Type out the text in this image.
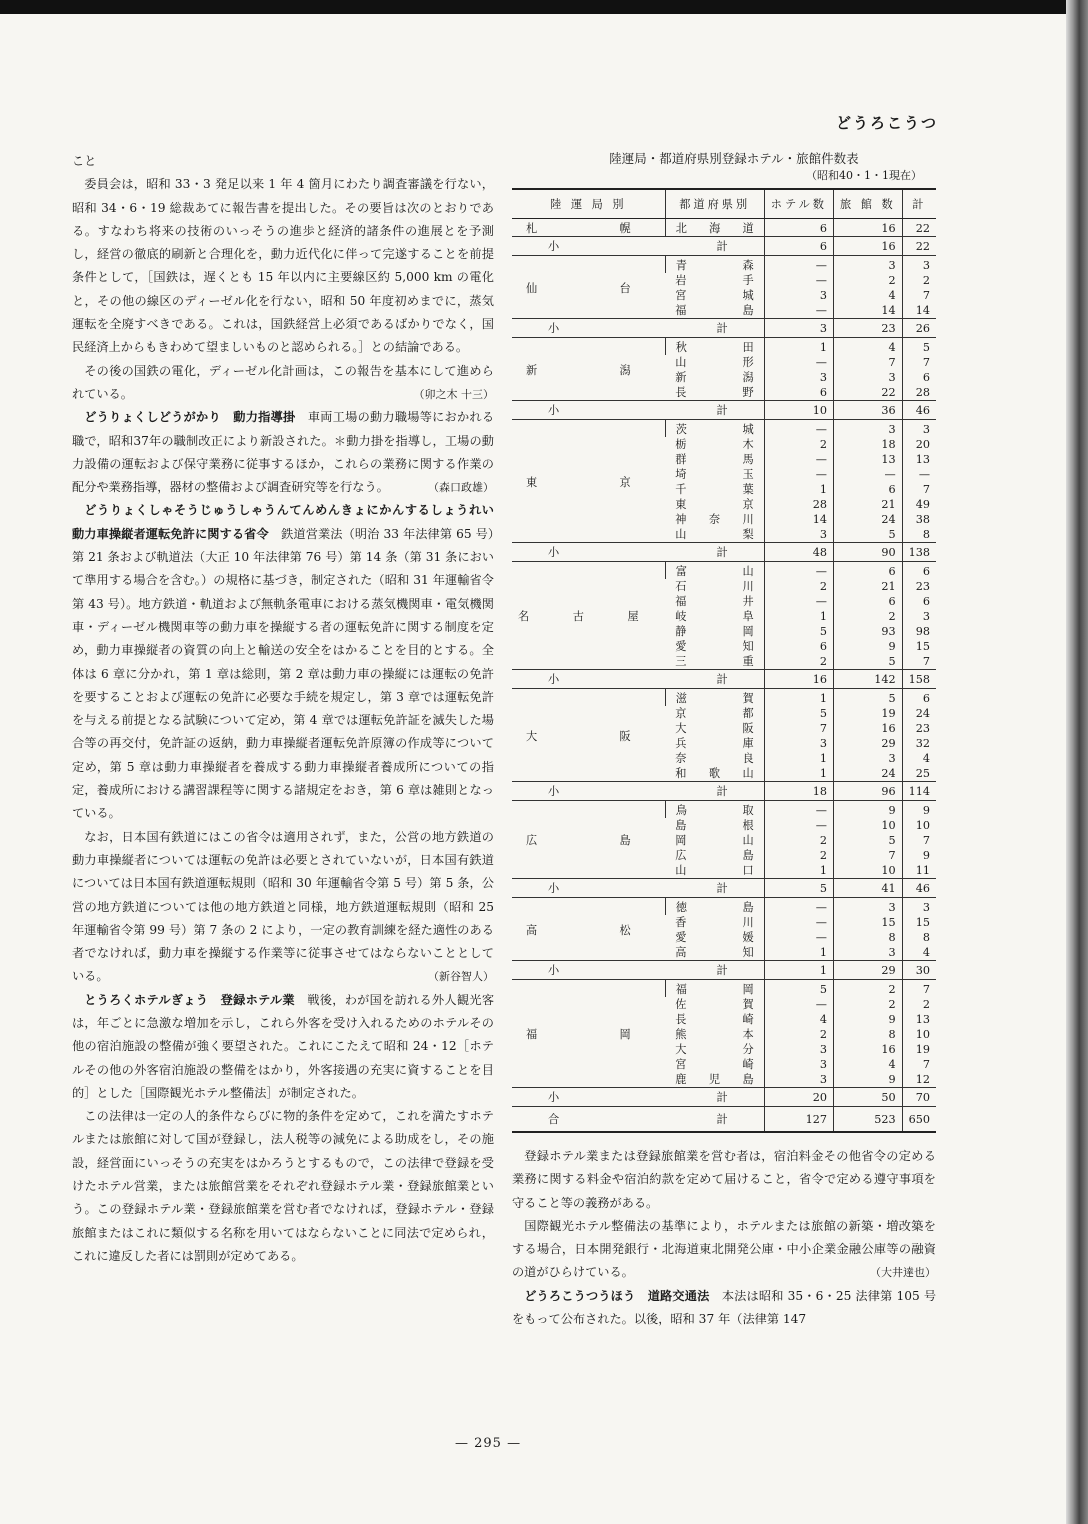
どうろこうつ

こと

委員会は，昭和 33・3 発足以来 1 年 4 箇月にわたり調査審議を行ない，昭和 34・6・19 総裁あてに報告書を提出した。その要旨は次のとおりである。すなわち将来の技術のいっそうの進歩と経済的諸条件の進展とを予測し，経営の徹底的刷新と合理化を，動力近代化に伴って完遂することを前提条件として，［国鉄は，遅くとも 15 年以内に主要線区約 5,000 km の電化と，その他の線区のディーゼル化を行ない，昭和 50 年度初めまでに，蒸気運転を全廃すべきである。これは，国鉄経営上必須であるばかりでなく，国民経済上からもきわめて望ましいものと認められる。］との結論である。

その後の国鉄の電化，ディーゼル化計画は，この報告を基本にして進められている。	（卯之木 十三）

どうりょくしどうがかり　動力指導掛　 車両工場の動力職場等におかれる職で，昭和37年の職制改正により新設された。＊動力掛を指導し，工場の動力設備の運転および保守業務に従事するほか，これらの業務に関する作業の配分や業務指導，器材の整備および調査研究等を行なう。	（森口政雄）

どうりょくしゃそうじゅうしゃうんてんめんきょにかんするしょうれい　動力車操縦者運転免許に関する省令　 鉄道営業法（明治 33 年法律第 65 号）第 21 条および軌道法（大正 10 年法律第 76 号）第 14 条（第 31 条において準用する場合を含む。）の規格に基づき，制定された（昭和 31 年運輸省令第 43 号）。地方鉄道・軌道および無軌条電車における蒸気機関車・電気機関車・ディーゼル機関車等の動力車を操縦する者の運転免許に関する制度を定め，動力車操縦者の資質の向上と輸送の安全をはかることを目的とする。全体は 6 章に分かれ，第 1 章は総則，第 2 章は動力車の操縦には運転の免許を要することおよび運転の免許に必要な手続を規定し，第 3 章では運転免許を与える前提となる試験について定め，第 4 章では運転免許証を滅失した場合等の再交付，免許証の返納，動力車操縦者運転免許原簿の作成等について定め，第 5 章は動力車操縦者を養成する動力車操縦者養成所についての指定，養成所における講習課程等に関する諸規定をおき，第 6 章は雑則となっている。

なお，日本国有鉄道にはこの省令は適用されず，また，公営の地方鉄道の動力車操縦者については運転の免許は必要とされていないが，日本国有鉄道については日本国有鉄道運転規則（昭和 30 年運輸省令第 5 号）第 5 条，公営の地方鉄道については他の地方鉄道と同様，地方鉄道運転規則（昭和 25 年運輸省令第 99 号）第 7 条の 2 により，一定の教育訓練を経た適性のある者でなければ，動力車を操縦する作業等に従事させてはならないこととしている。	（新谷智人）

とうろくホテルぎょう　登録ホテル業　 戦後，わが国を訪れる外人観光客は，年ごとに急激な増加を示し，これら外客を受け入れるためのホテルその他の宿泊施設の整備が強く要望された。これにこたえて昭和 24・12［ホテルその他の外客宿泊施設の整備をはかり，外客接遇の充実に資することを目的］とした［国際観光ホテル整備法］が制定された。

この法律は一定の人的条件ならびに物的条件を定めて，これを満たすホテルまたは旅館に対して国が登録し，法人税等の減免による助成をし，その施設，経営面にいっそうの充実をはかろうとするもので，この法律で登録を受けたホテル営業，または旅館営業をそれぞれ登録ホテル業・登録旅館業という。この登録ホテル業・登録旅館業を営む者でなければ，登録ホテル・登録旅館またはこれに類似する名称を用いてはならないことに同法で定められ，これに違反した者には罰則が定めてある。

陸運局・都道府県別登録ホテル・旅館件数表
（昭和40・1・1現在）
陸 運 局 別	都道府県別	ホテル数	旅 館 数	計
札　　幌	北　海　道	6	16	22

小 計		6	16	22
仙　　台	青　森	—	3	3
	岩　手	—	2	2
	宮　城	3	4	7
	福　島	—	14	14

小 計		3	23	26
新　　潟	秋　田	1	4	5
	山　形	—	7	7
	新　潟	3	3	6
	長　野	6	22	28

小 計		10	36	46
東　　京	茨　城	—	3	3
	栃　木	2	18	20
	群　馬	—	13	13
	埼　玉	—	—	—
	千　葉	1	6	7
	東　京	28	21	49
	神奈川	14	24	38
	山　梨	3	5	8

小 計		48	90	138
名 古 屋	富　山	—	6	6
	石　川	2	21	23
	福　井	—	6	6
	岐　阜	1	2	3
	静　岡	5	93	98
	愛　知	6	9	15
	三　重	2	5	7

小 計		16	142	158
大　　阪	滋　賀	1	5	6
	京　都	5	19	24
	大　阪	7	16	23
	兵　庫	3	29	32
	奈　良	1	3	4
	和歌山	1	24	25

小 計		18	96	114
広　　島	鳥　取	—	9	9
	島　根	—	10	10
	岡　山	2	5	7
	広　島	2	7	9
	山　口	1	10	11

小 計		5	41	46
高　　松	徳　島	—	3	3
	香　川	—	15	15
	愛　媛	—	8	8
	高　知	1	3	4

小 計		1	29	30
福　　岡	福　岡	5	2	7
	佐　賀	—	2	2
	長　崎	4	9	13
	熊　本	2	8	10
	大　分	3	16	19
	宮　崎	3	4	7
	鹿児島	3	9	12

小 計		20	50	70

合 計		127	523	650

登録ホテル業または登録旅館業を営む者は，宿泊料金その他省令の定める業務に関する料金や宿泊約款を定めて届けること，省令で定める遵守事項を守ること等の義務がある。

国際観光ホテル整備法の基準により，ホテルまたは旅館の新築・増改築をする場合，日本開発銀行・北海道東北開発公庫・中小企業金融公庫等の融資の道がひらけている。	（大井達也）

どうろこうつうほう　道路交通法　 本法は昭和 35・6・25 法律第 105 号をもって公布された。以後，昭和 37 年（法律第 147

— 295 —
